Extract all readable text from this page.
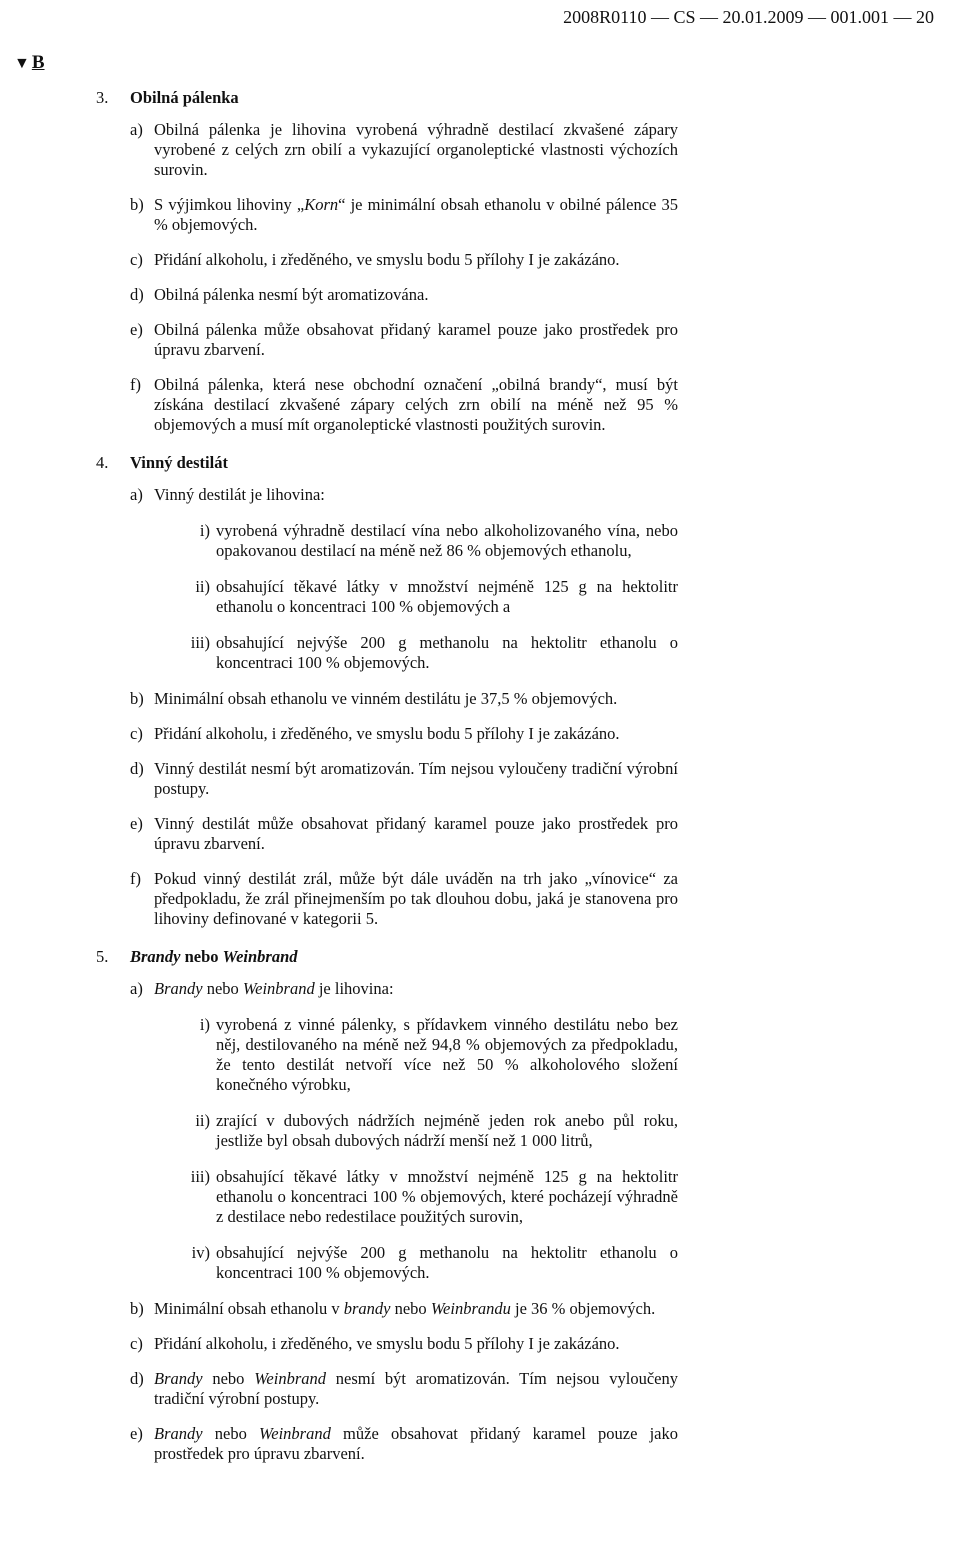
2008R0110 — CS — 20.01.2009 — 001.001 — 20
▼ B
3.	Obilná pálenka
a) Obilná pálenka je lihovina vyrobená výhradně destilací zkvašené zápary vyrobené z celých zrn obilí a vykazující organoleptické vlastnosti výchozích surovin.
b) S výjimkou lihoviny „Korn“ je minimální obsah ethanolu v obilné pálence 35 % objemových.
c) Přidání alkoholu, i zředěného, ve smyslu bodu 5 přílohy I je zakázáno.
d) Obilná pálenka nesmí být aromatizována.
e) Obilná pálenka může obsahovat přidaný karamel pouze jako prostředek pro úpravu zbarvení.
f) Obilná pálenka, která nese obchodní označení „obilná brandy“, musí být získána destilací zkvašené zápary celých zrn obilí na méně než 95 % objemových a musí mít organoleptické vlastnosti použitých surovin.
4.	Vinný destilát
a) Vinný destilát je lihovina:
i) vyrobená výhradně destilací vína nebo alkoholizovaného vína, nebo opakovanou destilací na méně než 86 % objemových ethanolu,
ii) obsahující těkavé látky v množství nejméně 125 g na hektolitr ethanolu o koncentraci 100 % objemových a
iii) obsahující nejvýše 200 g methanolu na hektolitr ethanolu o koncentraci 100 % objemových.
b) Minimální obsah ethanolu ve vinném destilátu je 37,5 % objemových.
c) Přidání alkoholu, i zředěného, ve smyslu bodu 5 přílohy I je zakázáno.
d) Vinný destilát nesmí být aromatizován. Tím nejsou vyloučeny tradiční výrobní postupy.
e) Vinný destilát může obsahovat přidaný karamel pouze jako prostředek pro úpravu zbarvení.
f) Pokud vinný destilát zrál, může být dále uváděn na trh jako „vínovice“ za předpokladu, že zrál přinejmenším po tak dlouhou dobu, jaká je stanovena pro lihoviny definované v kategorii 5.
5.	Brandy nebo Weinbrand
a) Brandy nebo Weinbrand je lihovina:
i) vyrobená z vinné pálenky, s přídavkem vinného destilátu nebo bez něj, destilovaného na méně než 94,8 % objemových za předpokladu, že tento destilát netvoří více než 50 % alkoholového složení konečného výrobku,
ii) zrající v dubových nádržích nejméně jeden rok anebo půl roku, jestliže byl obsah dubových nádrží menší než 1 000 litrů,
iii) obsahující těkavé látky v množství nejméně 125 g na hektolitr ethanolu o koncentraci 100 % objemových, které pocházejí výhradně z destilace nebo redestilace použitých surovin,
iv) obsahující nejvýše 200 g methanolu na hektolitr ethanolu o koncentraci 100 % objemových.
b) Minimální obsah ethanolu v brandy nebo Weinbrandu je 36 % objemových.
c) Přidání alkoholu, i zředěného, ve smyslu bodu 5 přílohy I je zakázáno.
d) Brandy nebo Weinbrand nesmí být aromatizován. Tím nejsou vyloučeny tradiční výrobní postupy.
e) Brandy nebo Weinbrand může obsahovat přidaný karamel pouze jako prostředek pro úpravu zbarvení.
